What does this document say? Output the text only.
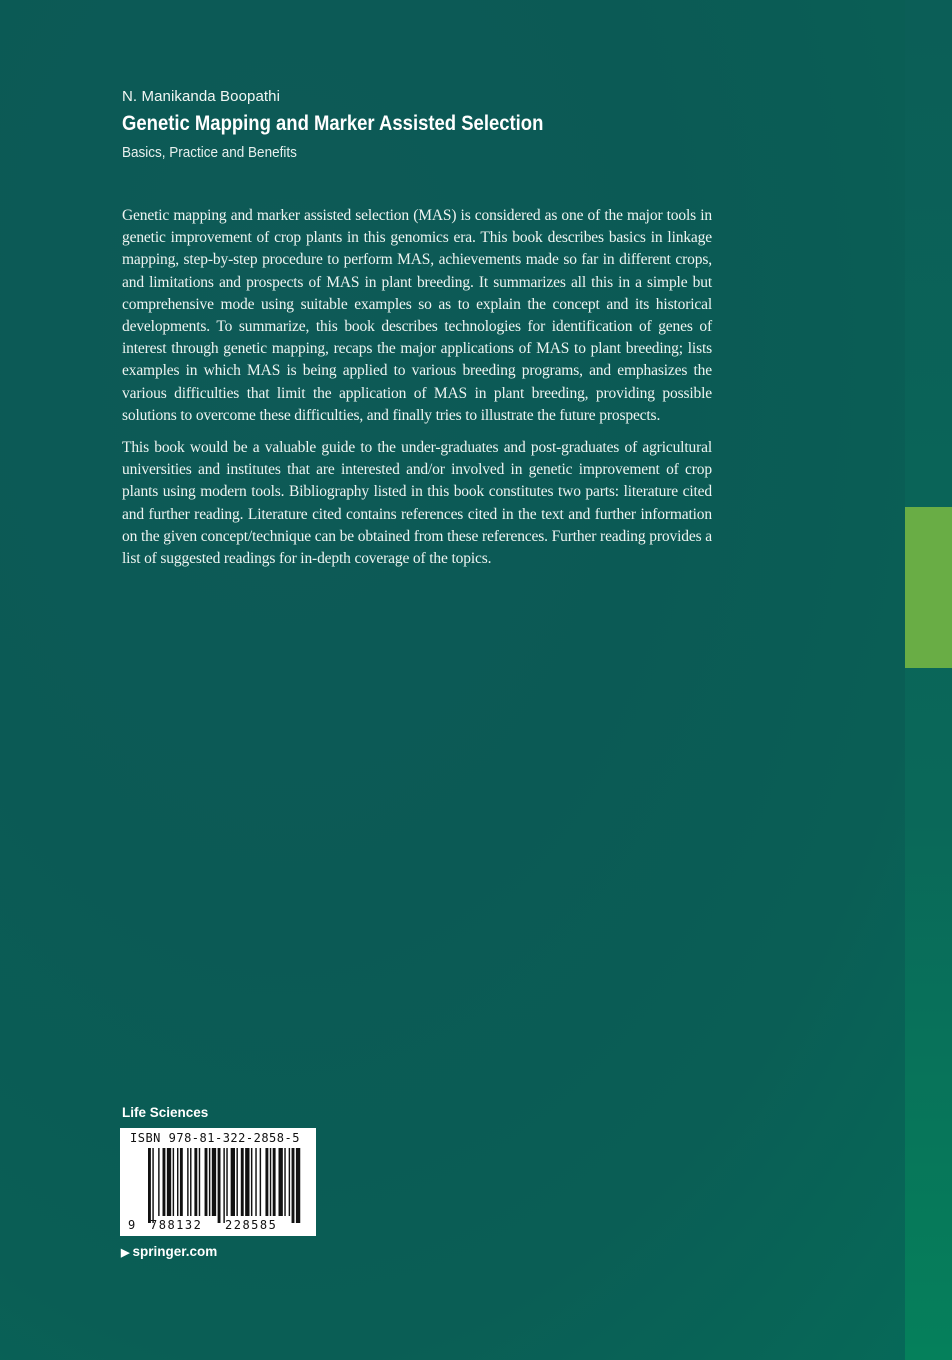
N. Manikanda Boopathi
Genetic Mapping and Marker Assisted Selection
Basics, Practice and Benefits

Genetic mapping and marker assisted selection (MAS) is considered as one of the major tools in genetic improvement of crop plants in this genomics era. This book describes basics in linkage mapping, step-by-step procedure to perform MAS, achievements made so far in different crops, and limitations and prospects of MAS in plant breeding. It summarizes all this in a simple but comprehensive mode using suitable examples so as to explain the concept and its historical developments. To summarize, this book describes technologies for identification of genes of interest through genetic mapping, recaps the major applications of MAS to plant breeding; lists examples in which MAS is being applied to various breeding programs, and emphasizes the various difficulties that limit the application of MAS in plant breeding, providing possible solutions to overcome these difficulties, and finally tries to illustrate the future prospects.

This book would be a valuable guide to the under-graduates and post-graduates of agricultural universities and institutes that are interested and/or involved in genetic improvement of crop plants using modern tools. Bibliography listed in this book constitutes two parts: literature cited and further reading. Literature cited contains references cited in the text and further information on the given concept/technique can be obtained from these references. Further reading provides a list of suggested readings for in-depth coverage of the topics.

Life Sciences
ISBN 978-81-322-2858-5
9 788132 228585
▶ springer.com
